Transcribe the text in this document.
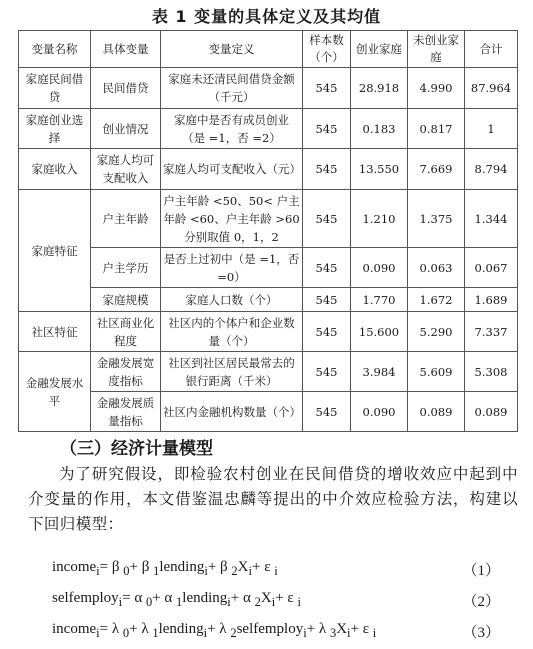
表 1 变量的具体定义及其均值
变量名称	具体变量	变量定义	样本数（个）	创业家庭	未创业家庭	合计
家庭民间借贷	民间借贷	家庭未还清民间借贷金额（千元）	545	28.918	4.990	87.964
家庭创业选择	创业情况	家庭中是否有成员创业（是 =1，否 =2）	545	0.183	0.817	1
家庭收入	家庭人均可支配收入	家庭人均可支配收入（元）	545	13.550	7.669	8.794
家庭特征	户主年龄	户主年龄 <50、50< 户主年龄 <60、户主年龄 >60 分别取值 0，1，2	545	1.210	1.375	1.344
	户主学历	是否上过初中（是 =1，否 =0）	545	0.090	0.063	0.067
	家庭规模	家庭人口数（个）	545	1.770	1.672	1.689
社区特征	社区商业化程度	社区内的个体户和企业数量（个）	545	15.600	5.290	7.337
金融发展水平	金融发展宽度指标	社区到社区居民最常去的银行距离（千米）	545	3.984	5.609	5.308
	金融发展质量指标	社区内金融机构数量（个）	545	0.090	0.089	0.089
（三）经济计量模型
为了研究假设，即检验农村创业在民间借贷的增收效应中起到中介变量的作用，本文借鉴温忠麟等提出的中介效应检验方法，构建以下回归模型：
income$_i$= β $_0$+ β $_1$lending$_i$+ β $_2X_i+ \varepsilon$ $_i$	（1）
selfemploy$_i$= α $_0$+ α $_1$lending$_i$+ α $_2X_i+ \varepsilon$ $_i$	（2）
income$_i$= λ $_0$+ λ $_1$lending$_i$+ λ $_2$selfemploy$_i$+ λ $_3X_i+ \varepsilon$ $_i$	（3）
